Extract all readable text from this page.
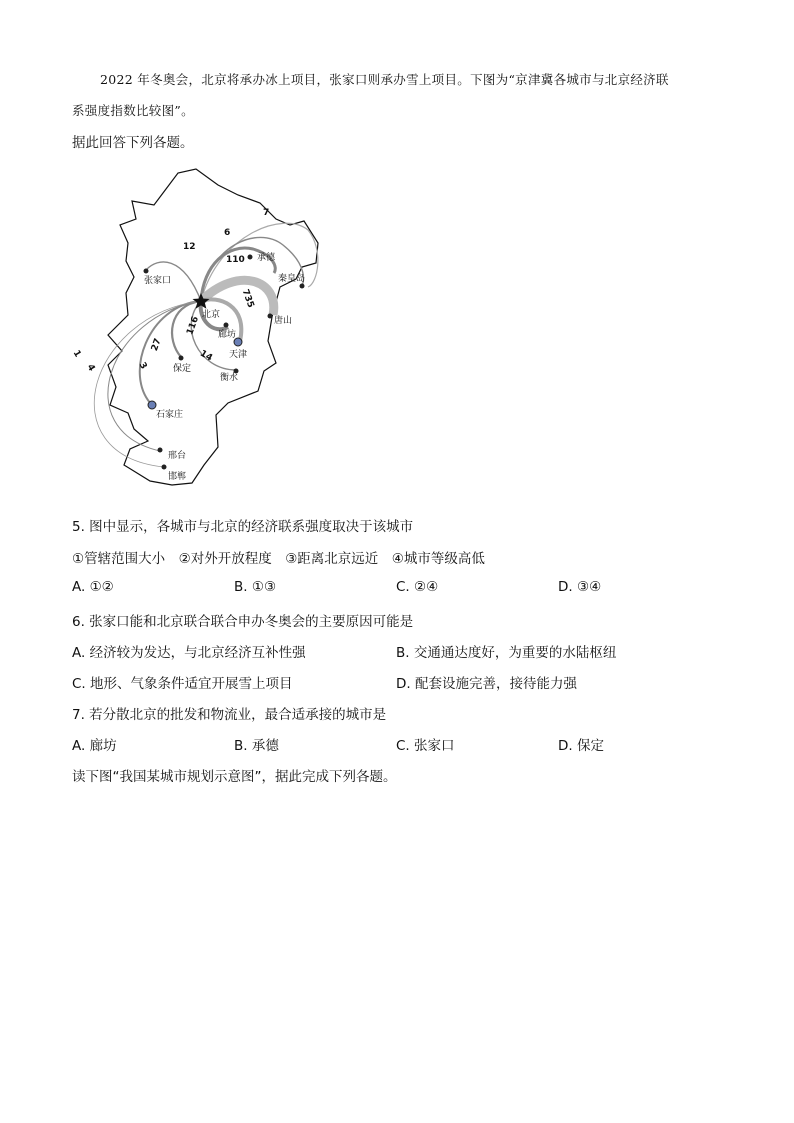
2022 年冬奥会，北京将承办冰上项目，张家口则承办雪上项目。下图为“京津冀各城市与北京经济联
系强度指数比较图”。
据此回答下列各题。
张家口
承德
秦皇岛
唐山
北京
廊坊
天津
保定
衡水
石家庄
邢台
邯郸
7
6
12
110
735
116
27
14
3
4
1
5. 图中显示，各城市与北京的经济联系强度取决于该城市
①管辖范围大小　②对外开放程度　③距离北京远近　④城市等级高低
A. ①②	B. ①③	C. ②④	D. ③④
6. 张家口能和北京联合联合申办冬奥会的主要原因可能是
A. 经济较为发达，与北京经济互补性强	B. 交通通达度好，为重要的水陆枢纽
C. 地形、气象条件适宜开展雪上项目	D. 配套设施完善，接待能力强
7. 若分散北京的批发和物流业，最合适承接的城市是
A. 廊坊	B. 承德	C. 张家口	D. 保定
读下图“我国某城市规划示意图”，据此完成下列各题。
